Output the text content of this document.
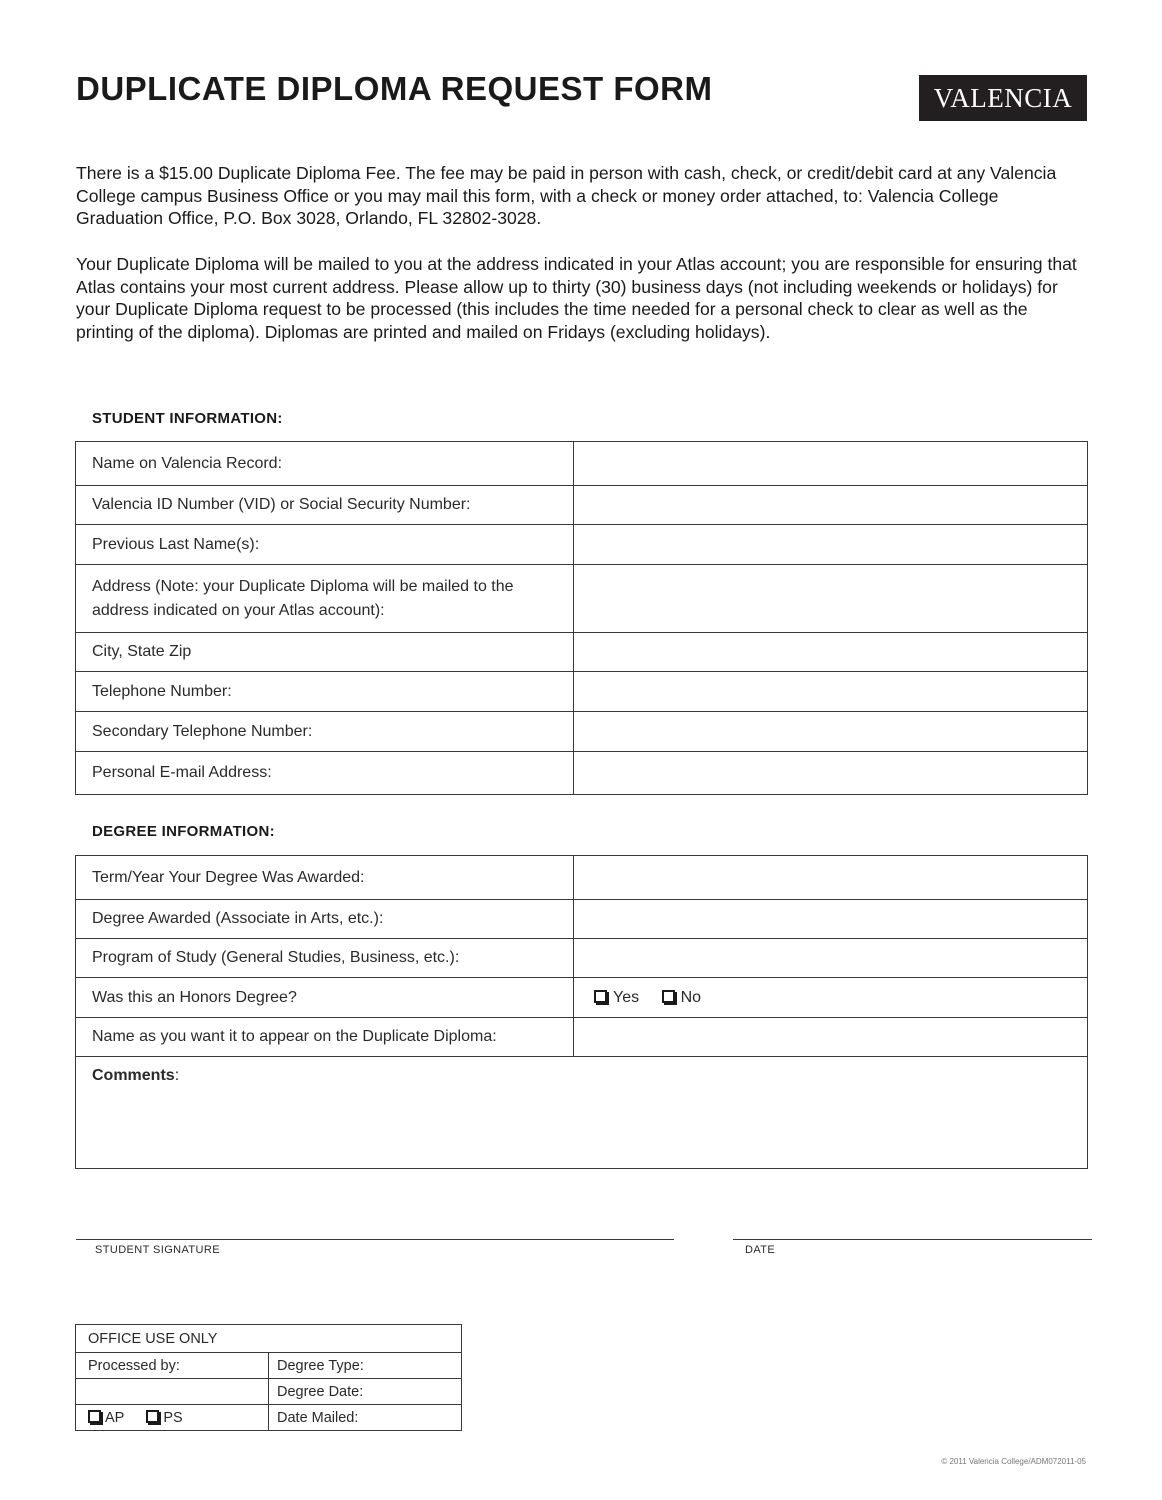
DUPLICATE DIPLOMA REQUEST FORM	VALENCIA

There is a $15.00 Duplicate Diploma Fee. The fee may be paid in person with cash, check, or credit/debit card at any Valencia College campus Business Office or you may mail this form, with a check or money order attached, to: Valencia College Graduation Office, P.O. Box 3028, Orlando, FL 32802-3028.

Your Duplicate Diploma will be mailed to you at the address indicated in your Atlas account; you are responsible for ensuring that Atlas contains your most current address. Please allow up to thirty (30) business days (not including weekends or holidays) for your Duplicate Diploma request to be processed (this includes the time needed for a personal check to clear as well as the printing of the diploma). Diplomas are printed and mailed on Fridays (excluding holidays).

STUDENT INFORMATION:
Name on Valencia Record:	
Valencia ID Number (VID) or Social Security Number:	
Previous Last Name(s):	
Address (Note: your Duplicate Diploma will be mailed to the address indicated on your Atlas account):	
City, State Zip	
Telephone Number:	
Secondary Telephone Number:	
Personal E-mail Address:	
DEGREE INFORMATION:
Term/Year Your Degree Was Awarded:	
Degree Awarded (Associate in Arts, etc.):	
Program of Study (General Studies, Business, etc.):	
Was this an Honors Degree?	Yes No
Name as you want it to appear on the Duplicate Diploma:	
Comments:	
STUDENT SIGNATURE	DATE
OFFICE USE ONLY	
Processed by:	Degree Type:
	Degree Date:
AP PS	Date Mailed:
© 2011 Valencia College/ADM072011-05
